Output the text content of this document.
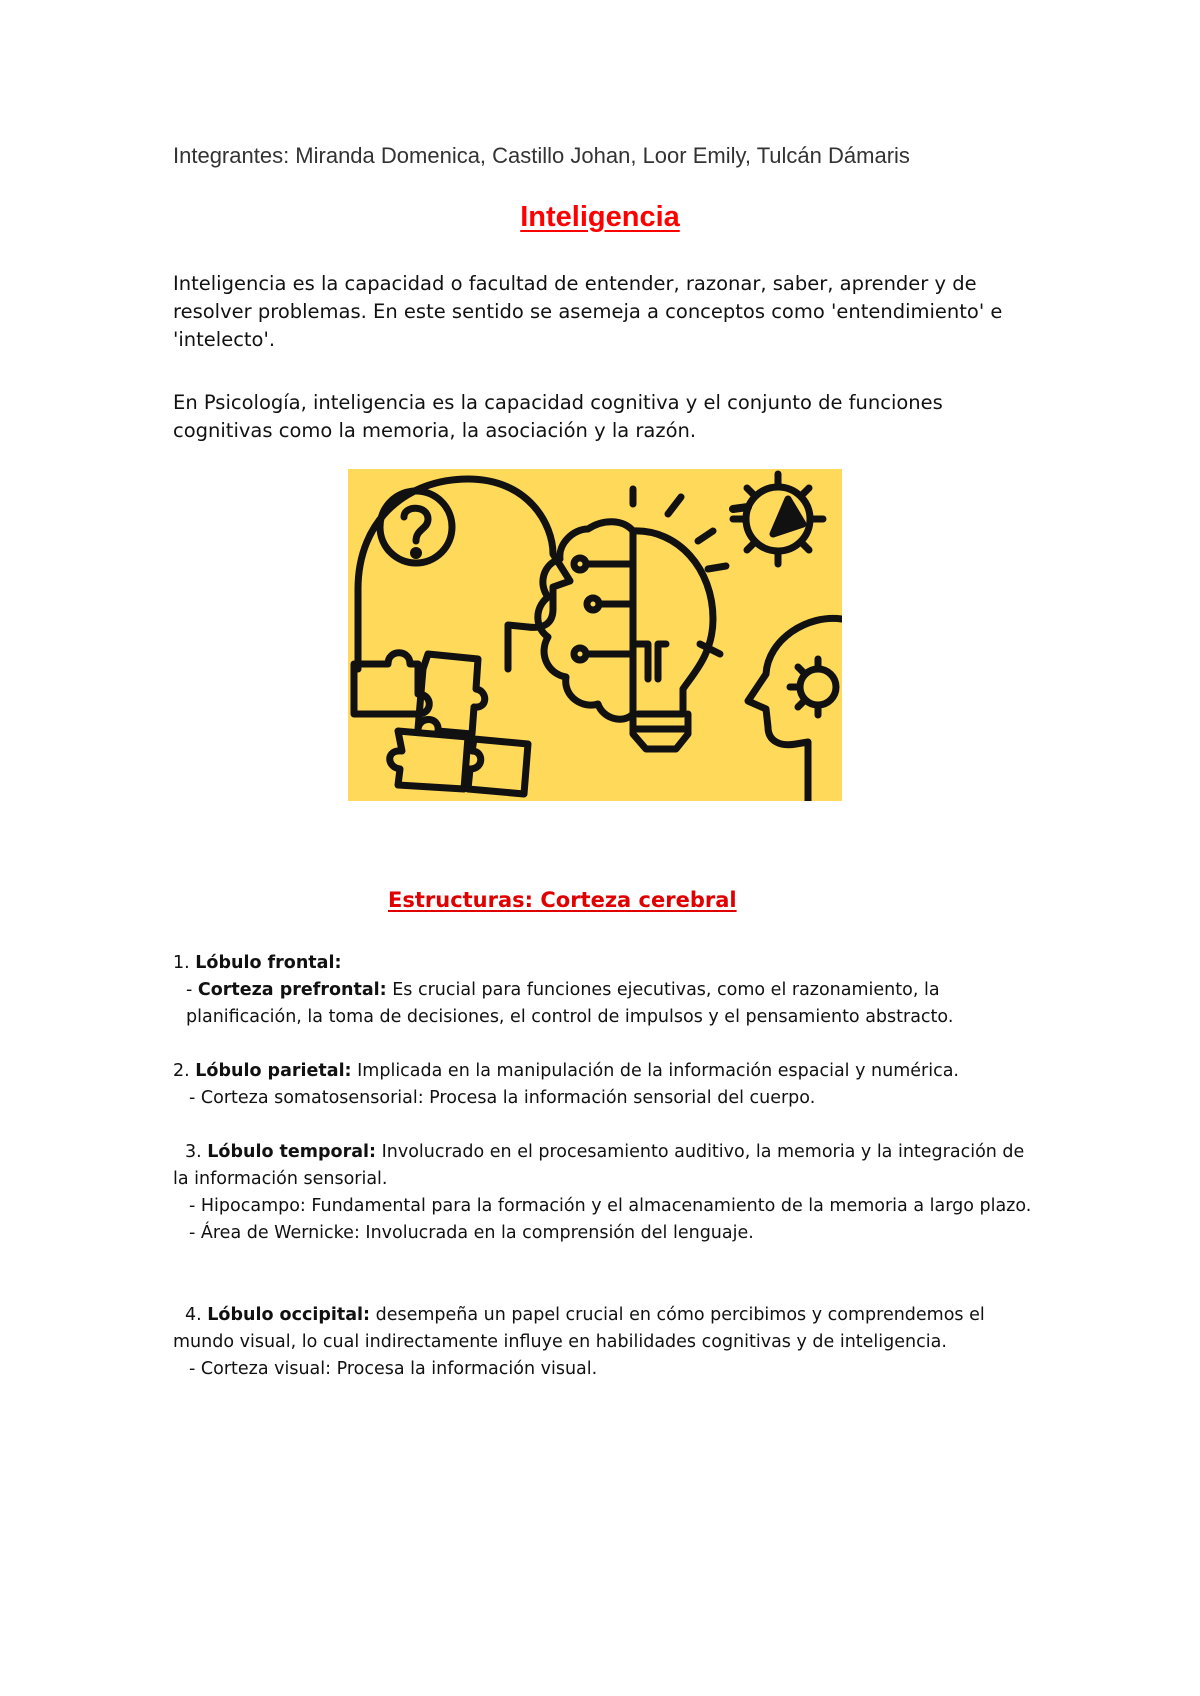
Integrantes: Miranda Domenica, Castillo Johan, Loor Emily, Tulcán Dámaris
Inteligencia
Inteligencia es la capacidad o facultad de entender, razonar, saber, aprender y de resolver problemas. En este sentido se asemeja a conceptos como 'entendimiento' e 'intelecto'.
En Psicología, inteligencia es la capacidad cognitiva y el conjunto de funciones cognitivas como la memoria, la asociación y la razón.
Estructuras: Corteza cerebral
1. Lóbulo frontal:
- Corteza prefrontal: Es crucial para funciones ejecutivas, como el razonamiento, la planificación, la toma de decisiones, el control de impulsos y el pensamiento abstracto.
2. Lóbulo parietal: Implicada en la manipulación de la información espacial y numérica.
- Corteza somatosensorial: Procesa la información sensorial del cuerpo.
3. Lóbulo temporal: Involucrado en el procesamiento auditivo, la memoria y la integración de la información sensorial.
- Hipocampo: Fundamental para la formación y el almacenamiento de la memoria a largo plazo.
- Área de Wernicke: Involucrada en la comprensión del lenguaje.
4. Lóbulo occipital: desempeña un papel crucial en cómo percibimos y comprendemos el mundo visual, lo cual indirectamente influye en habilidades cognitivas y de inteligencia.
- Corteza visual: Procesa la información visual.
